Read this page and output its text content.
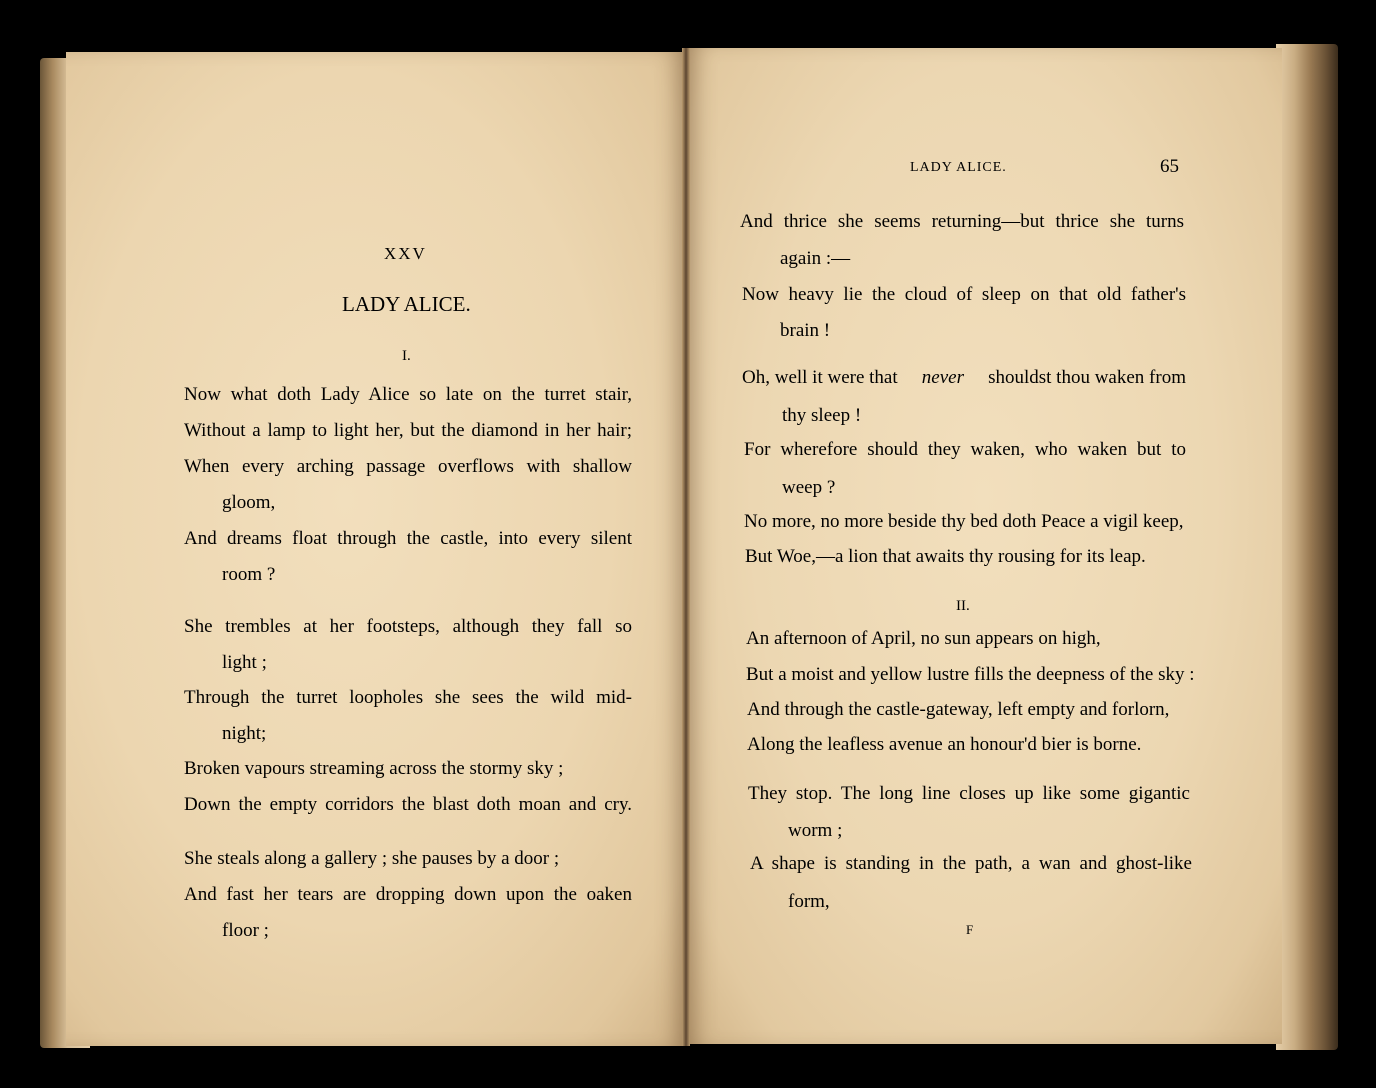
XXV
LADY ALICE.
I.
Now what doth Lady Alice so late on the turret stair,
Without a lamp to light her, but the diamond in her hair;
When every arching passage overflows with shallow
gloom,
And dreams float through the castle, into every silent
room ?
She trembles at her footsteps, although they fall so
light ;
Through the turret loopholes she sees the wild mid-
night;
Broken vapours streaming across the stormy sky ;
Down the empty corridors the blast doth moan and cry.
She steals along a gallery ; she pauses by a door ;
And fast her tears are dropping down upon the oaken
floor ;
LADY ALICE.	65
And thrice she seems returning—but thrice she turns
again :—
Now heavy lie the cloud of sleep on that old father's
brain !
Oh, well it were that never shouldst thou waken from
thy sleep !
For wherefore should they waken, who waken but to
weep ?
No more, no more beside thy bed doth Peace a vigil keep,
But Woe,—a lion that awaits thy rousing for its leap.
II.
An afternoon of April, no sun appears on high,
But a moist and yellow lustre fills the deepness of the sky :
And through the castle-gateway, left empty and forlorn,
Along the leafless avenue an honour'd bier is borne.
They stop. The long line closes up like some gigantic
worm ;
A shape is standing in the path, a wan and ghost-like
form,
F
